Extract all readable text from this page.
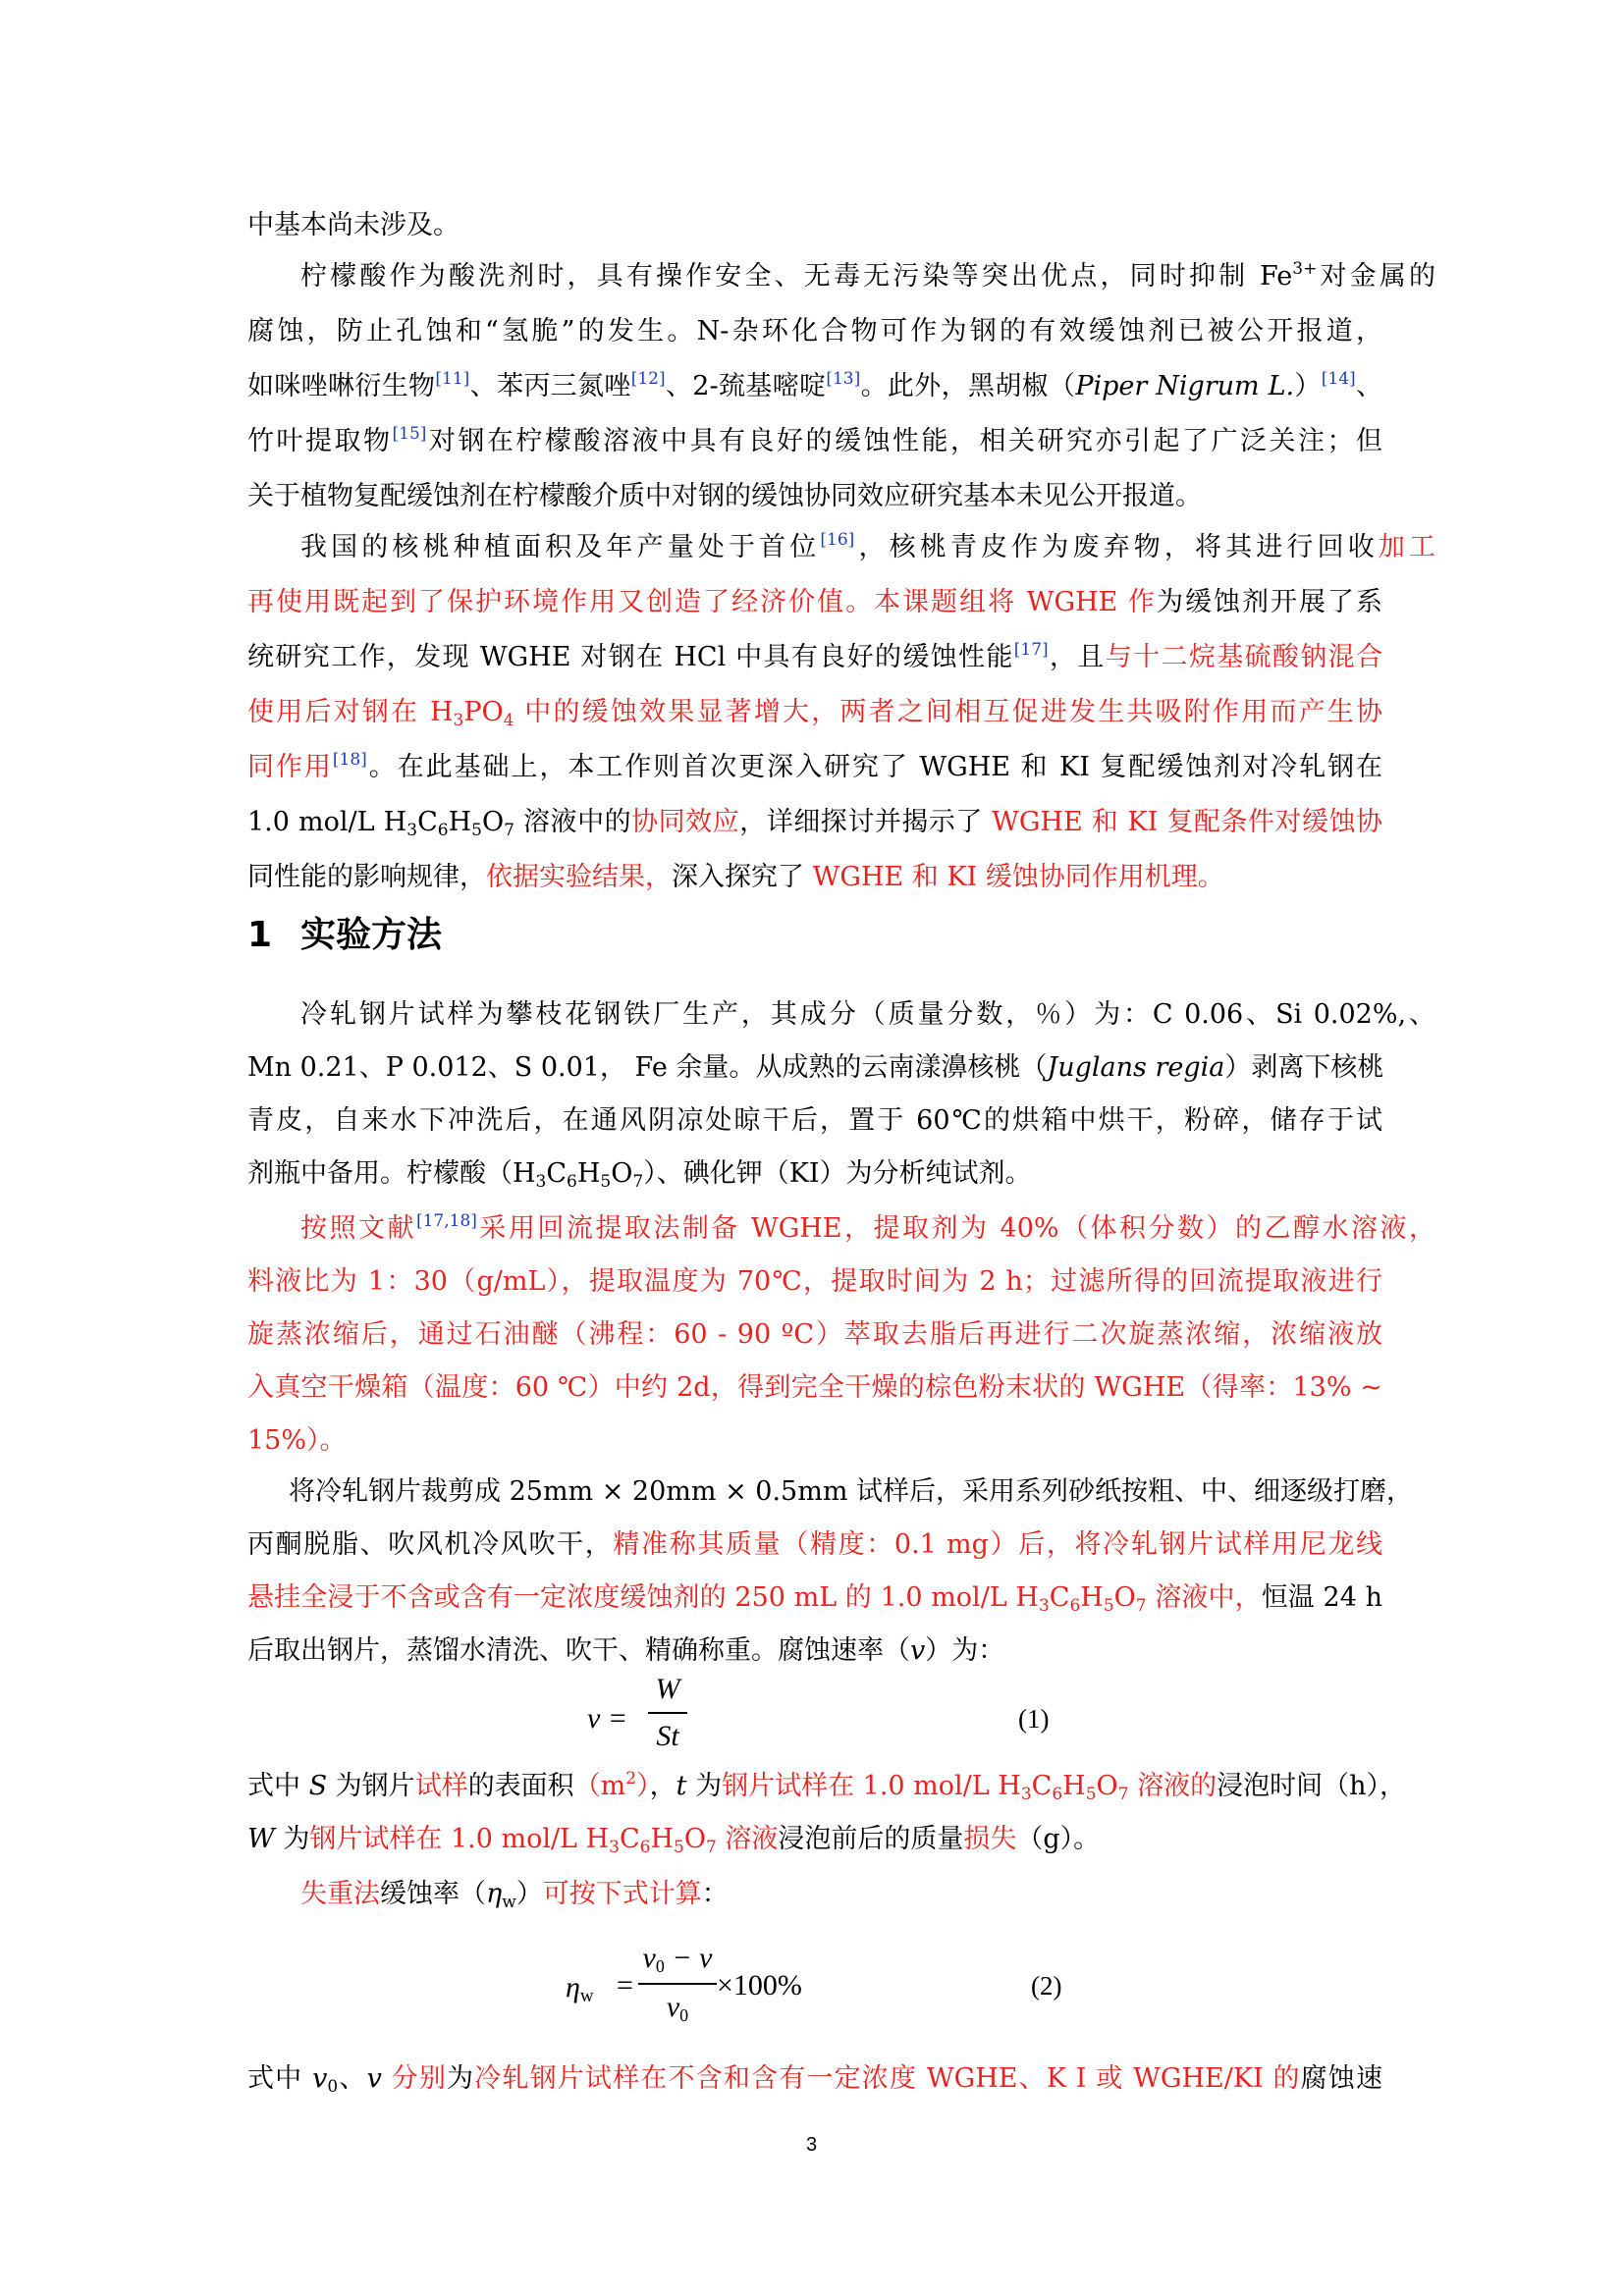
中基本尚未涉及。
柠檬酸作为酸洗剂时，具有操作安全、无毒无污染等突出优点，同时抑制 $Fe^{3+}$对金属的
腐蚀，防止孔蚀和“氢脆”的发生。N-杂环化合物可作为钢的有效缓蚀剂已被公开报道，
如咪唑啉衍生物[11]、苯丙三氮唑[12]、2-巯基嘧啶[13]。此外，黑胡椒（Piper Nigrum L.）[14]、
竹叶提取物[15]对钢在柠檬酸溶液中具有良好的缓蚀性能，相关研究亦引起了广泛关注；但
关于植物复配缓蚀剂在柠檬酸介质中对钢的缓蚀协同效应研究基本未见公开报道。
我国的核桃种植面积及年产量处于首位[16]，核桃青皮作为废弃物，将其进行回收加工
再使用既起到了保护环境作用又创造了经济价值。本课题组将 WGHE 作为缓蚀剂开展了系
统研究工作，发现 WGHE 对钢在 HCl 中具有良好的缓蚀性能[17]，且与十二烷基硫酸钠混合
使用后对钢在 $H_3PO_4$ 中的缓蚀效果显著增大，两者之间相互促进发生共吸附作用而产生协
同作用[18]。在此基础上，本工作则首次更深入研究了 WGHE 和 KI 复配缓蚀剂对冷轧钢在
1.0 mol/L $H_3C_6H_5O_7$ 溶液中的协同效应，详细探讨并揭示了 WGHE 和 KI 复配条件对缓蚀协
同性能的影响规律，依据实验结果，深入探究了 WGHE 和 KI 缓蚀协同作用机理。
1 实验方法
冷轧钢片试样为攀枝花钢铁厂生产，其成分（质量分数，％）为：C 0.06、Si 0.02%,、
Mn 0.21、P 0.012、S 0.01， Fe 余量。从成熟的云南漾濞核桃（Juglans regia）剥离下核桃
青皮，自来水下冲洗后，在通风阴凉处晾干后，置于 60℃的烘箱中烘干，粉碎，储存于试
剂瓶中备用。柠檬酸$(H_3C_6H_5O_7)$、碘化钾（KI）为分析纯试剂。
按照文献[17,18]采用回流提取法制备 WGHE，提取剂为 40%（体积分数）的乙醇水溶液，
料液比为 1：30（g/mL），提取温度为 70℃，提取时间为 2 h；过滤所得的回流提取液进行
旋蒸浓缩后，通过石油醚（沸程：60 - 90 ºC）萃取去脂后再进行二次旋蒸浓缩，浓缩液放
入真空干燥箱（温度：60 ℃）中约 2d，得到完全干燥的棕色粉末状的 WGHE（得率：13% ~
15%）。
将冷轧钢片裁剪成 25mm × 20mm × 0.5mm 试样后，采用系列砂纸按粗、中、细逐级打磨，
丙酮脱脂、吹风机冷风吹干，精准称其质量（精度：0.1 mg）后，将冷轧钢片试样用尼龙线
悬挂全浸于不含或含有一定浓度缓蚀剂的 250 mL 的 1.0 mol/L $H_3C_6H_5O_7$ 溶液中，恒温 24 h
后取出钢片，蒸馏水清洗、吹干、精确称重。腐蚀速率（v）为：
v =
W
St
(1)
式中 S 为钢片试样的表面积$(m^2)$，t 为钢片试样在 1.0 mol/L $H_3C_6H_5O_7$ 溶液的浸泡时间（h），
W 为钢片试样在 1.0 mol/L $H_3C_6H_5O_7$ 溶液浸泡前后的质量损失（g）。
失重法缓蚀率$(\eta_w)$可按下式计算：
$\eta_w$ =
$v_0 - v$
$v_0$
×100%	(2)
式中 $v_0$、v 分别为冷轧钢片试样在不含和含有一定浓度 WGHE、K I 或 WGHE/KI 的腐蚀速
3
